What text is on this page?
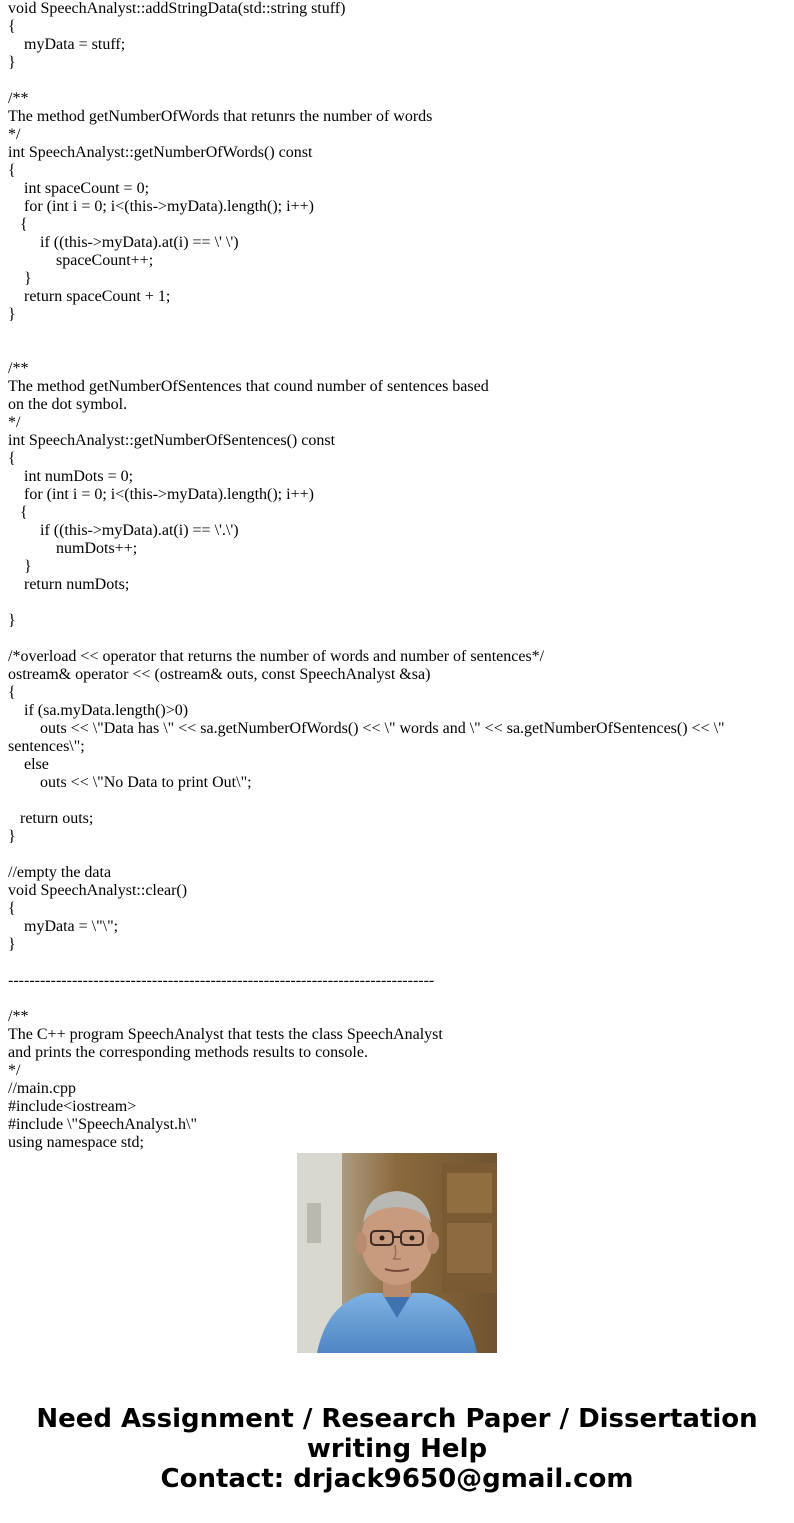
void SpeechAnalyst::addStringData(std::string stuff)
{
myData = stuff;
}
/**
The method getNumberOfWords that retunrs the number of words
*/
int SpeechAnalyst::getNumberOfWords() const
{
int spaceCount = 0;
for (int i = 0; i<(this->myData).length(); i++)
{
if ((this->myData).at(i) == \' \')
spaceCount++;
}
return spaceCount + 1;
}
/**
The method getNumberOfSentences that cound number of sentences based
on the dot symbol.
*/
int SpeechAnalyst::getNumberOfSentences() const
{
int numDots = 0;
for (int i = 0; i<(this->myData).length(); i++)
{
if ((this->myData).at(i) == \'.\')
numDots++;
}
return numDots;
}
/*overload << operator that returns the number of words and number of sentences*/
ostream& operator << (ostream& outs, const SpeechAnalyst &sa)
{
if (sa.myData.length()>0)
outs << \"Data has \" << sa.getNumberOfWords() << \" words and \" << sa.getNumberOfSentences() << \" sentences\";
else
outs << \"No Data to print Out\";
return outs;
}
//empty the data
void SpeechAnalyst::clear()
{
myData = \"\";
}
--------------------------------------------------------------------------------
/**
The C++ program SpeechAnalyst that tests the class SpeechAnalyst
and prints the corresponding methods results to console.
*/
//main.cpp
#include<iostream>
#include \"SpeechAnalyst.h\"
using namespace std;
Need Assignment / Research Paper / Dissertation
writing Help
Contact: drjack9650@gmail.com
